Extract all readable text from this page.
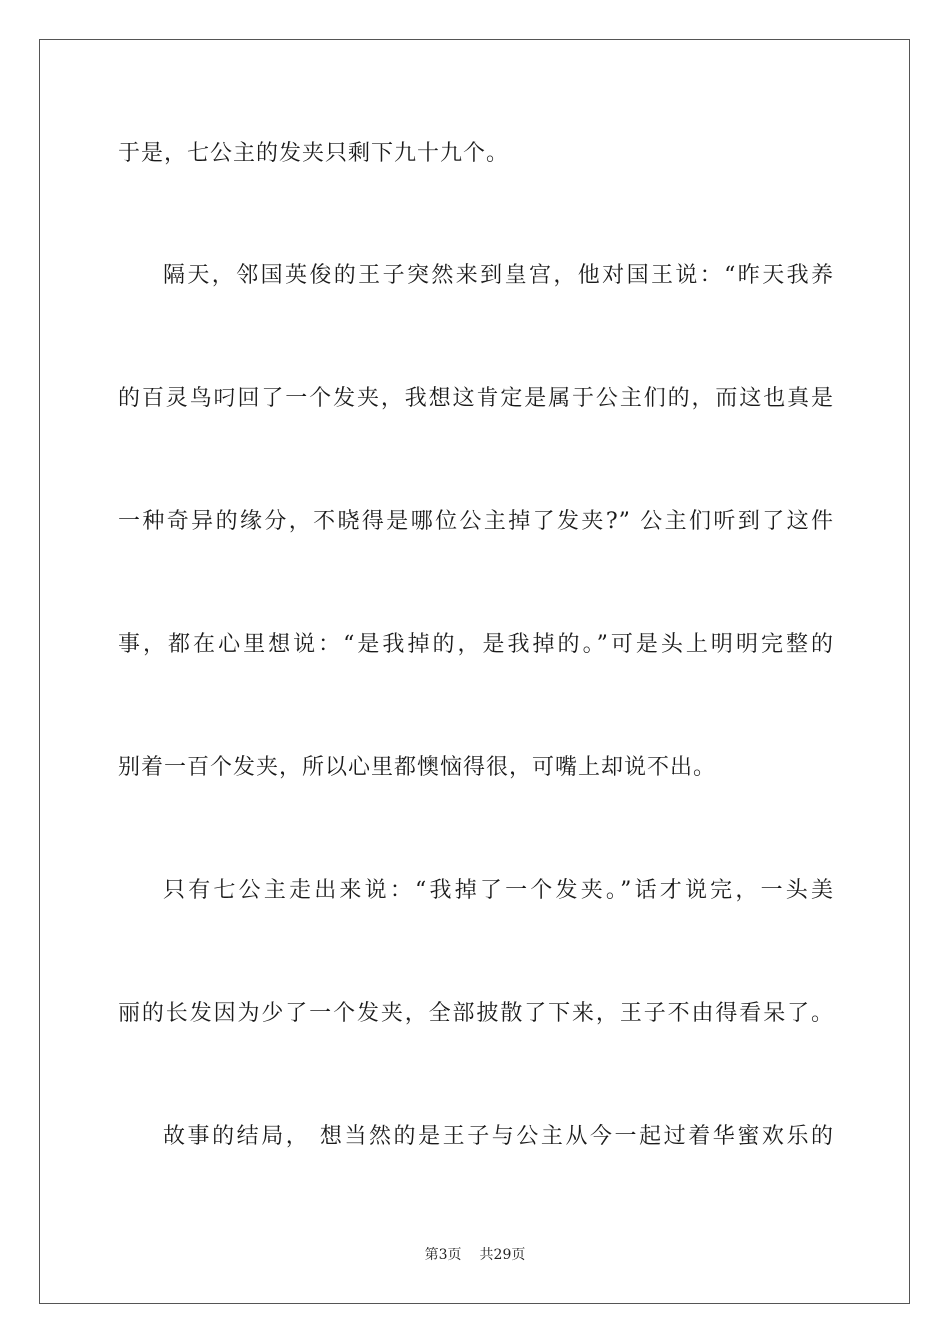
于是，七公主的发夹只剩下九十九个。
隔天，邻国英俊的王子突然来到皇宫，他对国王说：“昨天我养
的百灵鸟叼回了一个发夹，我想这肯定是属于公主们的，而这也真是
一种奇异的缘分，不晓得是哪位公主掉了发夹?” 公主们听到了这件
事，都在心里想说：“是我掉的，是我掉的。”可是头上明明完整的
别着一百个发夹，所以心里都懊恼得很，可嘴上却说不出。
只有七公主走出来说：“我掉了一个发夹。”话才说完，一头美
丽的长发因为少了一个发夹，全部披散了下来，王子不由得看呆了。
故事的结局， 想当然的是王子与公主从今一起过着华蜜欢乐的
第3页 共29页
